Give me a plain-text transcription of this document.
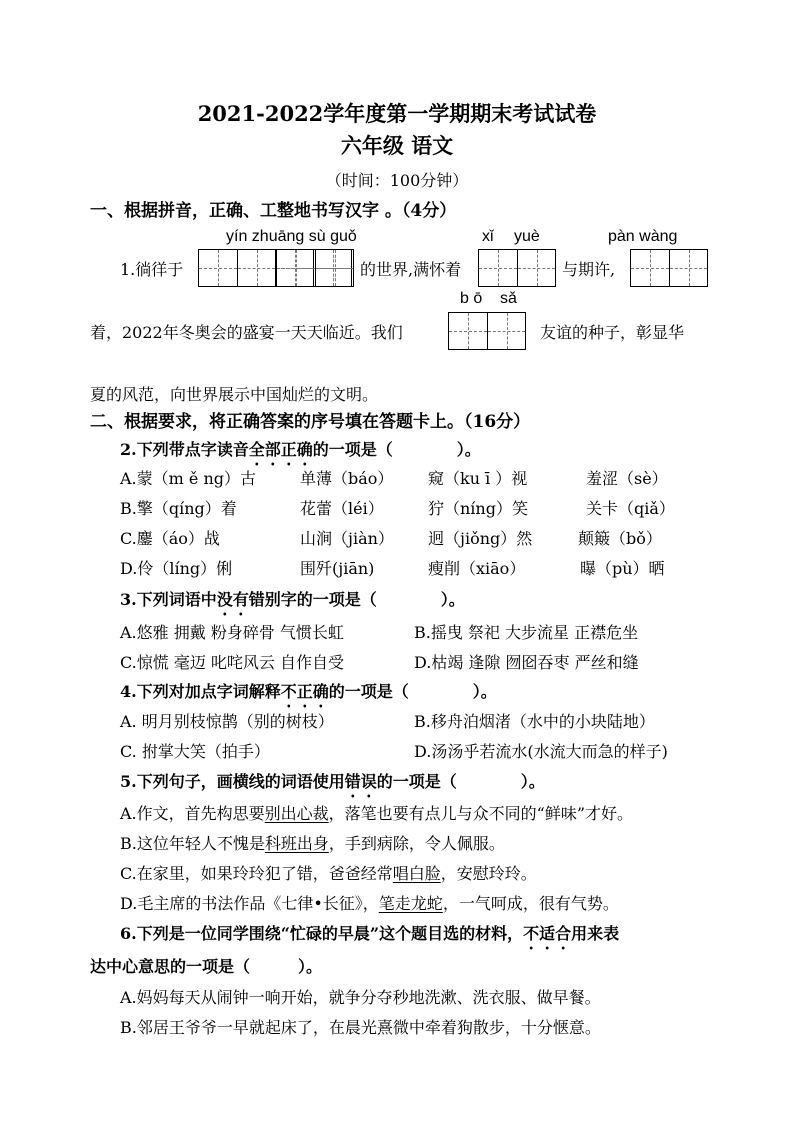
2021-2022学年度第一学期期末考试试卷
六年级 语文
（时间：100分钟）
一、根据拼音，正确、工整地书写汉字 。（4分）
yín zhuāng sù guǒ	xǐ yuè	pàn wàng
1.徜徉于	的世界,满怀着	与期许,
b ō sǎ
着，2022年冬奥会的盛宴一天天临近。我们	友谊的种子，彰显华
夏的风范，向世界展示中国灿烂的文明。
二、根据要求，将正确答案的序号填在答题卡上。（16分）
2.下列带点字读音全部正确的一项是（　　　　）。
A.蒙（m ě ng）古	单薄（báo） 窥（ku ī ）视	羞涩（sè）
B.擎（qíng）着	花蕾（léi）	狞（níng）笑	关卡（qiǎ）
C.鏖（áo）战	山涧（jiàn） 迥（jiǒng）然	颠簸（bǒ）
D.伶（líng）俐	围歼(jiān)	瘦削（xiāo）	曝（pù）晒
3.下列词语中没有错别字的一项是（　　　　）。
A.悠雅 拥戴 粉身碎骨 气惯长虹	B.摇曳 祭祀 大步流星 正襟危坐
C.惊慌 毫迈 叱咤风云 自作自受	D.枯竭 逢隙 囫囵吞枣 严丝和缝
4.下列对加点字词解释不正确的一项是（　　　　）。
A. 明月别枝惊鹊（别的树枝）	B.移舟泊烟渚（水中的小块陆地）
C. 拊掌大笑（拍手）	D.汤汤乎若流水(水流大而急的样子)
5.下列句子，画横线的词语使用错误的一项是（　　　　）。
A.作文，首先构思要别出心裁，落笔也要有点儿与众不同的“鲜味”才好。
B.这位年轻人不愧是科班出身，手到病除，令人佩服。
C.在家里，如果玲玲犯了错，爸爸经常唱白脸，安慰玲玲。
D.毛主席的书法作品《七律•长征》，笔走龙蛇，一气呵成，很有气势。
6.下列是一位同学围绕“忙碌的早晨”这个题目选的材料，不适合用来表
达中心意思的一项是（　　　）。
A.妈妈每天从闹钟一响开始，就争分夺秒地洗漱、洗衣服、做早餐。
B.邻居王爷爷一早就起床了，在晨光熹微中牵着狗散步，十分惬意。
